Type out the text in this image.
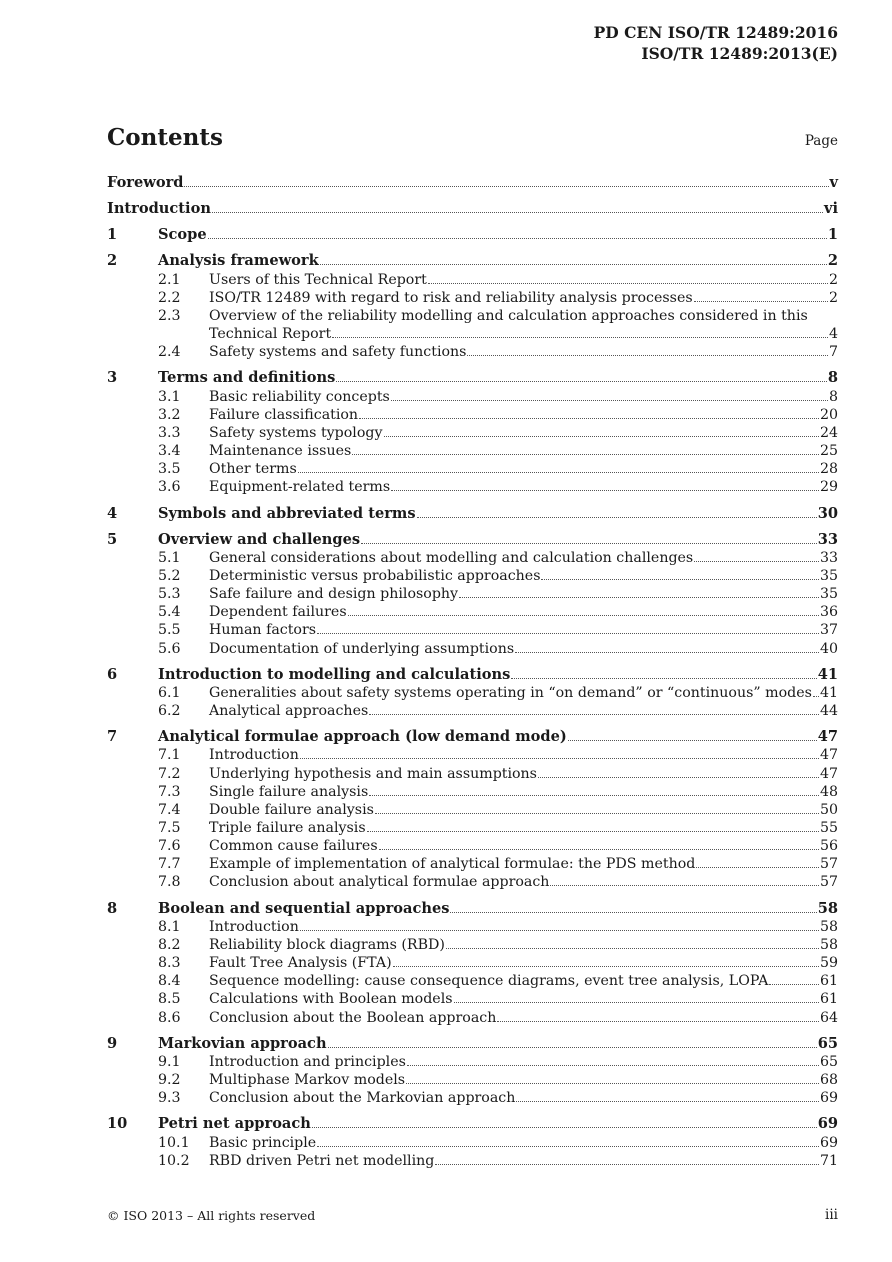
PD CEN ISO/TR 12489:2016
ISO/TR 12489:2013(E)
Contents	Page
Foreword	v
Introduction	vi
1	Scope	1
2	Analysis framework	2
2.1	Users of this Technical Report	2
2.2	ISO/TR 12489 with regard to risk and reliability analysis processes	2
2.3	Overview of the reliability modelling and calculation approaches considered in this
Technical Report	4
2.4	Safety systems and safety functions	7
3	Terms and definitions	8
3.1	Basic reliability concepts	8
3.2	Failure classification	20
3.3	Safety systems typology	24
3.4	Maintenance issues	25
3.5	Other terms	28
3.6	Equipment-related terms	29
4	Symbols and abbreviated terms	30
5	Overview and challenges	33
5.1	General considerations about modelling and calculation challenges	33
5.2	Deterministic versus probabilistic approaches	35
5.3	Safe failure and design philosophy	35
5.4	Dependent failures	36
5.5	Human factors	37
5.6	Documentation of underlying assumptions	40
6	Introduction to modelling and calculations	41
6.1	Generalities about safety systems operating in “on demand” or “continuous” modes 41
6.2	Analytical approaches	44
7	Analytical formulae approach (low demand mode)	47
7.1	Introduction	47
7.2	Underlying hypothesis and main assumptions	47
7.3	Single failure analysis	48
7.4	Double failure analysis	50
7.5	Triple failure analysis	55
7.6	Common cause failures	56
7.7	Example of implementation of analytical formulae: the PDS method	57
7.8	Conclusion about analytical formulae approach	57
8	Boolean and sequential approaches	58
8.1	Introduction	58
8.2	Reliability block diagrams (RBD)	58
8.3	Fault Tree Analysis (FTA)	59
8.4	Sequence modelling: cause consequence diagrams, event tree analysis, LOPA	61
8.5	Calculations with Boolean models	61
8.6	Conclusion about the Boolean approach	64
9	Markovian approach	65
9.1	Introduction and principles	65
9.2	Multiphase Markov models	68
9.3	Conclusion about the Markovian approach	69
10	Petri net approach	69
10.1	Basic principle	69
10.2	RBD driven Petri net modelling	71
© ISO 2013 – All rights reserved	iii
